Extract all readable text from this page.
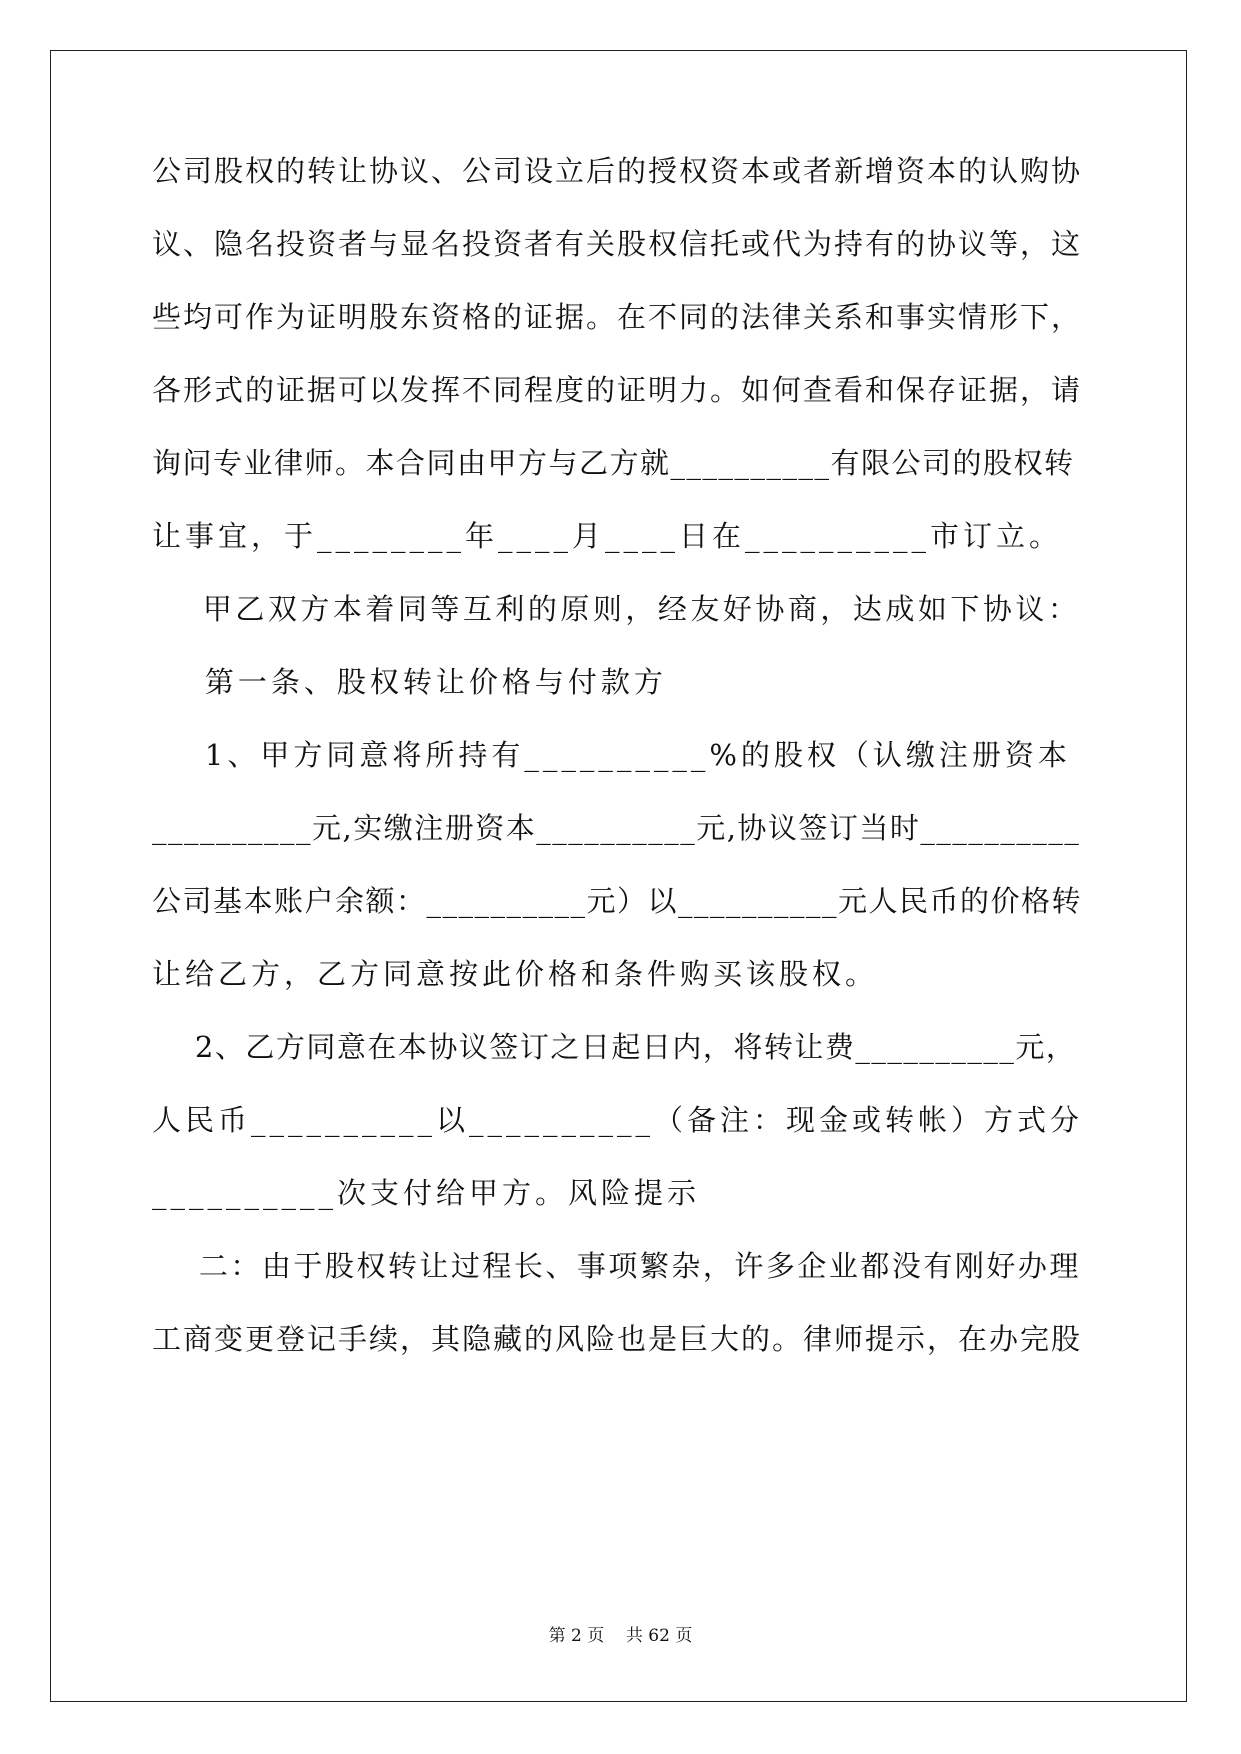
公司股权的转让协议、公司设立后的授权资本或者新增资本的认购协
议、隐名投资者与显名投资者有关股权信托或代为持有的协议等，这
些均可作为证明股东资格的证据。在不同的法律关系和事实情形下，
各形式的证据可以发挥不同程度的证明力。如何查看和保存证据，请
询问专业律师。本合同由甲方与乙方就__________有限公司的股权转
让事宜，于________年____月____日在__________市订立。
甲乙双方本着同等互利的原则，经友好协商，达成如下协议：
第一条、股权转让价格与付款方
1、甲方同意将所持有__________%的股权（认缴注册资本
__________元,实缴注册资本__________元,协议签订当时__________
公司基本账户余额：__________元）以__________元人民币的价格转
让给乙方，乙方同意按此价格和条件购买该股权。
2、乙方同意在本协议签订之日起日内，将转让费__________元，
人民币__________以__________（备注：现金或转帐）方式分
__________次支付给甲方。风险提示
二：由于股权转让过程长、事项繁杂，许多企业都没有刚好办理
工商变更登记手续，其隐藏的风险也是巨大的。律师提示，在办完股
第 2 页    共 62 页
